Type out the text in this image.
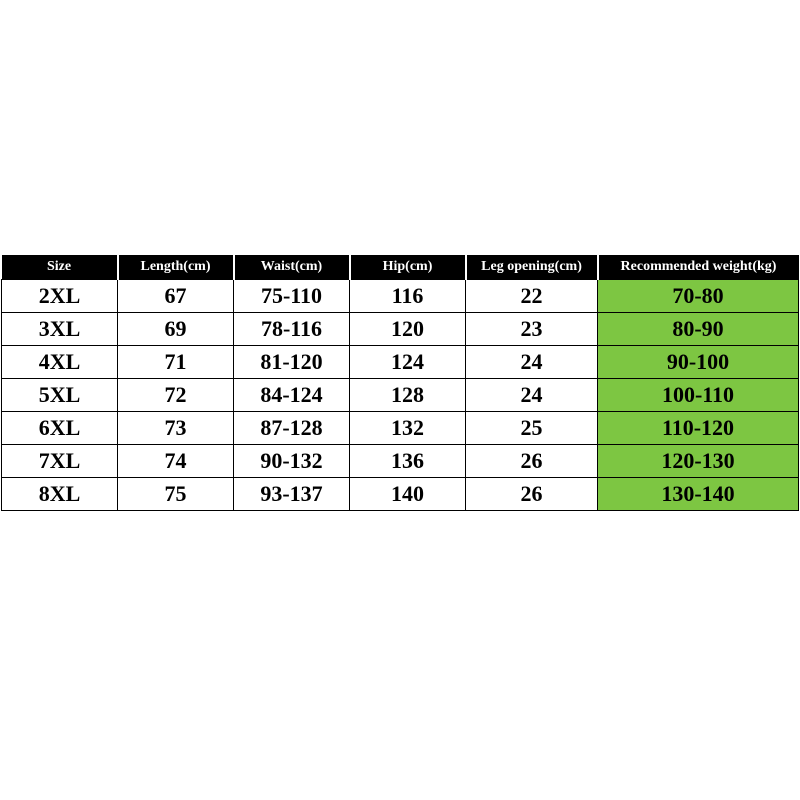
Size	Length(cm)	Waist(cm)	Hip(cm)	Leg opening(cm)	Recommended weight(kg)
2XL	67	75-110	116	22	70-80
3XL	69	78-116	120	23	80-90
4XL	71	81-120	124	24	90-100
5XL	72	84-124	128	24	100-110
6XL	73	87-128	132	25	110-120
7XL	74	90-132	136	26	120-130
8XL	75	93-137	140	26	130-140
